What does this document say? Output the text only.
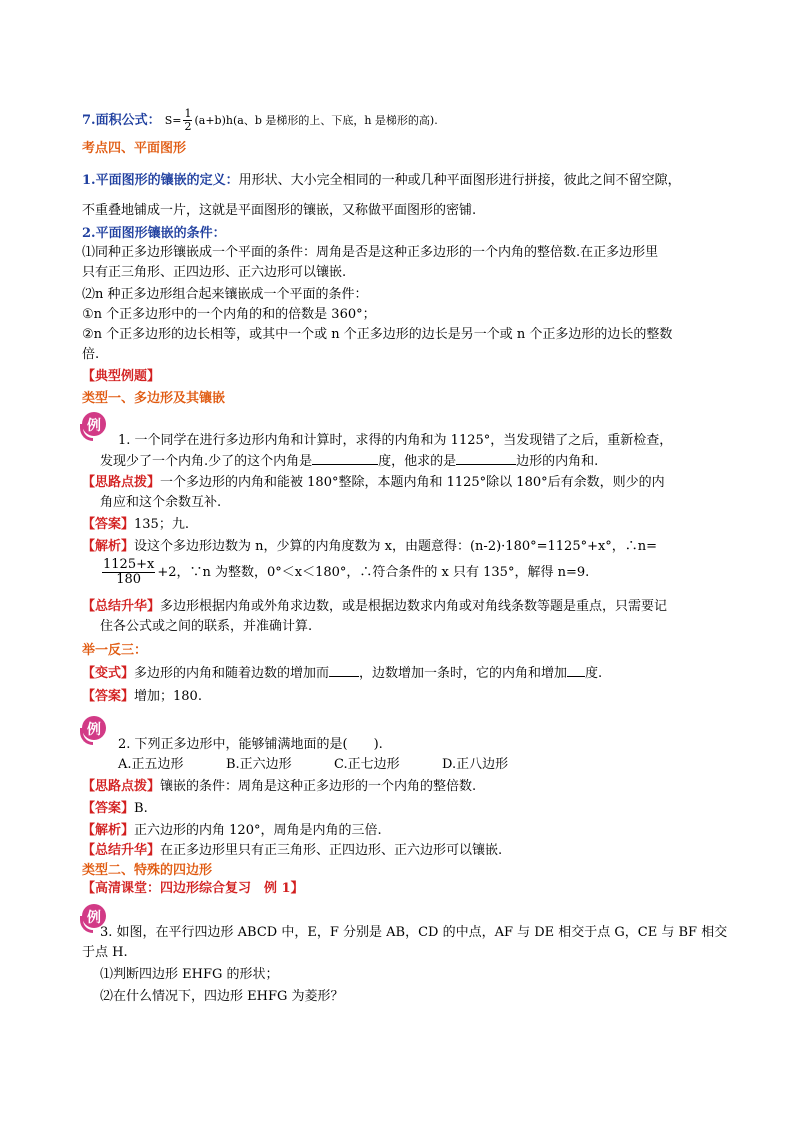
7.面积公式： $S= \frac{1}{2} (a+b)h(a$、b 是梯形的上、下底，h 是梯形的高).
考点四、平面图形
1.平面图形的镶嵌的定义：用形状、大小完全相同的一种或几种平面图形进行拼接，彼此之间不留空隙，
不重叠地铺成一片，这就是平面图形的镶嵌，又称做平面图形的密铺.
2.平面图形镶嵌的条件：
⑴同种正多边形镶嵌成一个平面的条件：周角是否是这种正多边形的一个内角的整倍数.在正多边形里
只有正三角形、正四边形、正六边形可以镶嵌.
⑵n 种正多边形组合起来镶嵌成一个平面的条件：
①n 个正多边形中的一个内角的和的倍数是 360°；
②n 个正多边形的边长相等，或其中一个或 n 个正多边形的边长是另一个或 n 个正多边形的边长的整数
倍.
【典型例题】
类型一、多边形及其镶嵌
例
1. 一个同学在进行多边形内角和计算时，求得的内角和为 1125°，当发现错了之后，重新检查，
发现少了一个内角.少了的这个内角是	度，他求的是	边形的内角和.
【思路点拨】一个多边形的内角和能被 180°整除，本题内角和 1125°除以 180°后有余数，则少的内
角应和这个余数互补.
【答案】135；九.
【解析】设这个多边形边数为 n，少算的内角度数为 x，由题意得：(n-2)·180°=1125°+x°，∴n=
$\frac{1125+x}{180} +2$，∵n 为整数，0°＜x＜180°，∴符合条件的 x 只有 135°，解得 n=9.
【总结升华】多边形根据内角或外角求边数，或是根据边数求内角或对角线条数等题是重点，只需要记
住各公式或之间的联系，并准确计算.
举一反三：
【变式】多边形的内角和随着边数的增加而 ，边数增加一条时，它的内角和增加 度.
【答案】增加；180.
例
2. 下列正多边形中，能够铺满地面的是(　　).
A.正五边形	B.正六边形	C.正七边形	D.正八边形
【思路点拨】镶嵌的条件：周角是这种正多边形的一个内角的整倍数.
【答案】B.
【解析】正六边形的内角 120°，周角是内角的三倍.
【总结升华】在正多边形里只有正三角形、正四边形、正六边形可以镶嵌.
类型二、特殊的四边形
【高清课堂：四边形综合复习　例 1】
例
3. 如图，在平行四边形 ABCD 中，E，F 分别是 AB，CD 的中点，AF 与 DE 相交于点 G，CE 与 BF 相交
于点 H.
⑴判断四边形 EHFG 的形状；
⑵在什么情况下，四边形 EHFG 为菱形？
